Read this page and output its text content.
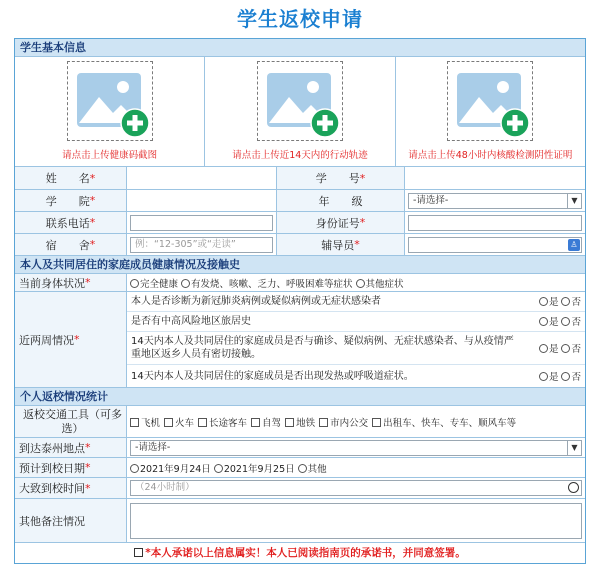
学生返校申请
学生基本信息
请点击上传健康码截图	请点击上传近14天内的行动轨迹	请点击上传48小时内核酸检测阴性证明
姓　　名 *	学　　号 *
学　　院 *	年　　级	-请选择-	▼
联系电话 *	身份证号 *
宿　　舍 *	例：“12-305”或“走读”	辅导员 *	♙
本人及共同居住的家庭成员健康情况及接触史
当前身体状况 *	完全健康	有发烧、咳嗽、乏力、呼吸困难等症状	其他症状
近两周情况 *
本人是否诊断为新冠肺炎病例或疑似病例或无症状感染者	是 否
是否有中高风险地区旅居史	是 否
14天内本人及共同居住的家庭成员是否与确诊、疑似病例、无症状感染者、与从疫情严重地区返乡人员有密切接触。	是 否
14天内本人及共同居住的家庭成员是否出现发热或呼吸道症状。	是 否
个人返校情况统计
返校交通工具（可多选）	飞机	火车	长途客车	自驾	地铁	市内公交	出租车、快车、专车、顺风车等
到达泰州地点 *	-请选择-	▼
预计到校日期 *	2021年9月24日	2021年9月25日	其他
大致到校时间 *	（24小时制）
其他备注情况
*本人承诺以上信息属实！本人已阅读指南页的承诺书，并同意签署。
